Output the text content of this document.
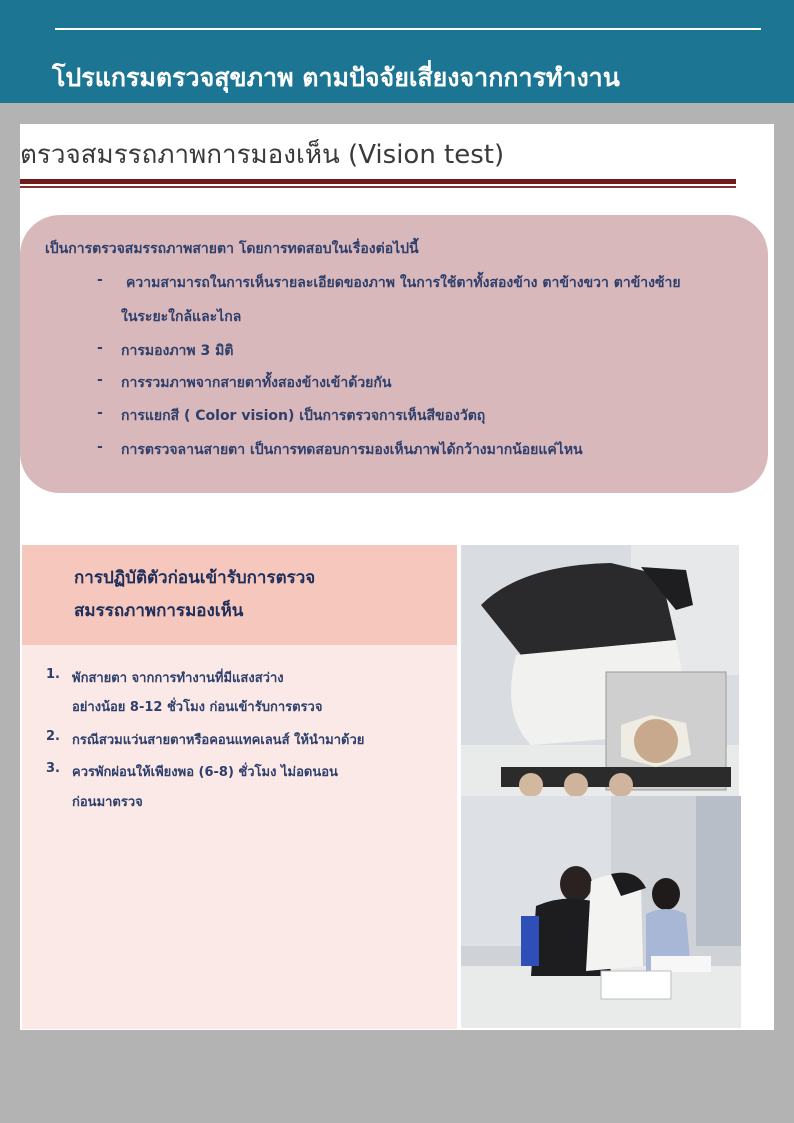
โปรแกรมตรวจสุขภาพ ตามปัจจัยเสี่ยงจากการทำงาน
ตรวจสมรรถภาพการมองเห็น (Vision test)
เป็นการตรวจสมรรถภาพสายตา โดยการทดสอบในเรื่องต่อไปนี้
- ความสามารถในการเห็นรายละเอียดของภาพ ในการใช้ตาทั้งสองข้าง ตาข้างขวา ตาข้างซ้าย
ในระยะใกล้และไกล
- การมองภาพ 3 มิติ
- การรวมภาพจากสายตาทั้งสองข้างเข้าด้วยกัน
- การแยกสี ( Color vision) เป็นการตรวจการเห็นสีของวัตถุ
- การตรวจลานสายตา เป็นการทดสอบการมองเห็นภาพได้กว้างมากน้อยแค่ไหน
การปฏิบัติตัวก่อนเข้ารับการตรวจ
สมรรถภาพการมองเห็น
1. พักสายตา จากการทำงานที่มีแสงสว่าง
อย่างน้อย 8-12 ชั่วโมง ก่อนเข้ารับการตรวจ
2. กรณีสวมแว่นสายตาหรือคอนแทคเลนส์ ให้นำมาด้วย
3. ควรพักผ่อนให้เพียงพอ (6-8) ชั่วโมง ไม่อดนอน
ก่อนมาตรวจ
